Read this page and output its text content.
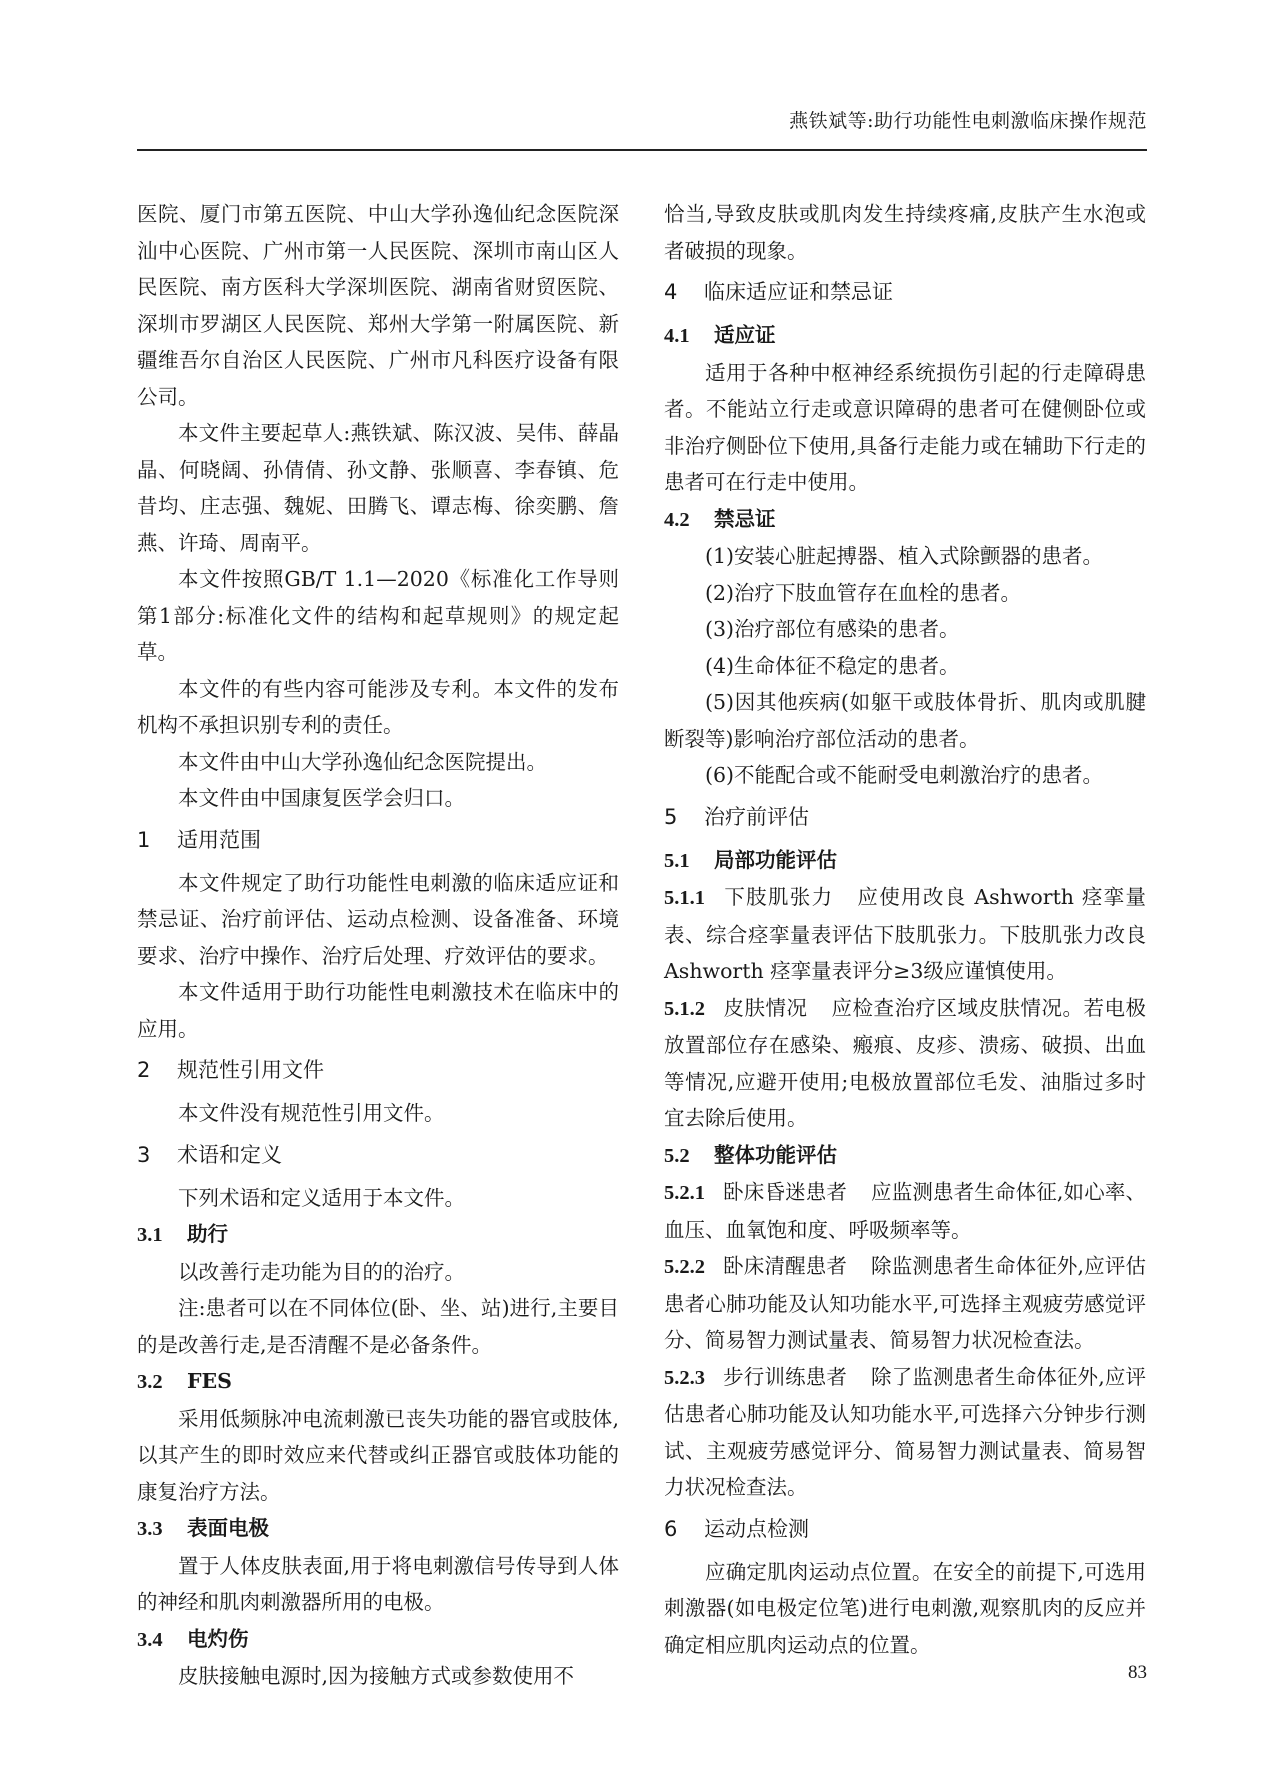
燕铁斌等:助行功能性电刺激临床操作规范

医院、厦门市第五医院、中山大学孙逸仙纪念医院深汕中心医院、广州市第一人民医院、深圳市南山区人民医院、南方医科大学深圳医院、湖南省财贸医院、深圳市罗湖区人民医院、郑州大学第一附属医院、新疆维吾尔自治区人民医院、广州市凡科医疗设备有限公司。

本文件主要起草人:燕铁斌、陈汉波、吴伟、薛晶晶、何晓阔、孙倩倩、孙文静、张顺喜、李春镇、危昔均、庄志强、魏妮、田腾飞、谭志梅、徐奕鹏、詹燕、许琦、周南平。

本文件按照GB/T 1.1—2020《标准化工作导则 第1部分:标准化文件的结构和起草规则》的规定起草。

本文件的有些内容可能涉及专利。本文件的发布机构不承担识别专利的责任。

本文件由中山大学孙逸仙纪念医院提出。

本文件由中国康复医学会归口。

1 适用范围

本文件规定了助行功能性电刺激的临床适应证和禁忌证、治疗前评估、运动点检测、设备准备、环境要求、治疗中操作、治疗后处理、疗效评估的要求。

本文件适用于助行功能性电刺激技术在临床中的应用。

2 规范性引用文件

本文件没有规范性引用文件。

3 术语和定义

下列术语和定义适用于本文件。

3.1 助行

以改善行走功能为目的的治疗。

注:患者可以在不同体位(卧、坐、站)进行,主要目的是改善行走,是否清醒不是必备条件。

3.2 FES

采用低频脉冲电流刺激已丧失功能的器官或肢体,以其产生的即时效应来代替或纠正器官或肢体功能的康复治疗方法。

3.3 表面电极

置于人体皮肤表面,用于将电刺激信号传导到人体的神经和肌肉刺激器所用的电极。

3.4 电灼伤

皮肤接触电源时,因为接触方式或参数使用不

恰当,导致皮肤或肌肉发生持续疼痛,皮肤产生水泡或者破损的现象。

4 临床适应证和禁忌证

4.1 适应证

适用于各种中枢神经系统损伤引起的行走障碍患者。不能站立行走或意识障碍的患者可在健侧卧位或非治疗侧卧位下使用,具备行走能力或在辅助下行走的患者可在行走中使用。

4.2 禁忌证

(1)安装心脏起搏器、植入式除颤器的患者。

(2)治疗下肢血管存在血栓的患者。

(3)治疗部位有感染的患者。

(4)生命体征不稳定的患者。

(5)因其他疾病(如躯干或肢体骨折、肌肉或肌腱断裂等)影响治疗部位活动的患者。

(6)不能配合或不能耐受电刺激治疗的患者。

5 治疗前评估

5.1 局部功能评估

5.1.1 下肢肌张力 应使用改良 Ashworth 痉挛量表、综合痉挛量表评估下肢肌张力。下肢肌张力改良 Ashworth 痉挛量表评分≥3级应谨慎使用。

5.1.2 皮肤情况 应检查治疗区域皮肤情况。若电极放置部位存在感染、瘢痕、皮疹、溃疡、破损、出血等情况,应避开使用;电极放置部位毛发、油脂过多时宜去除后使用。

5.2 整体功能评估

5.2.1 卧床昏迷患者 应监测患者生命体征,如心率、血压、血氧饱和度、呼吸频率等。

5.2.2 卧床清醒患者 除监测患者生命体征外,应评估患者心肺功能及认知功能水平,可选择主观疲劳感觉评分、简易智力测试量表、简易智力状况检查法。

5.2.3 步行训练患者 除了监测患者生命体征外,应评估患者心肺功能及认知功能水平,可选择六分钟步行测试、主观疲劳感觉评分、简易智力测试量表、简易智力状况检查法。

6 运动点检测

应确定肌肉运动点位置。在安全的前提下,可选用刺激器(如电极定位笔)进行电刺激,观察肌肉的反应并确定相应肌肉运动点的位置。

83
